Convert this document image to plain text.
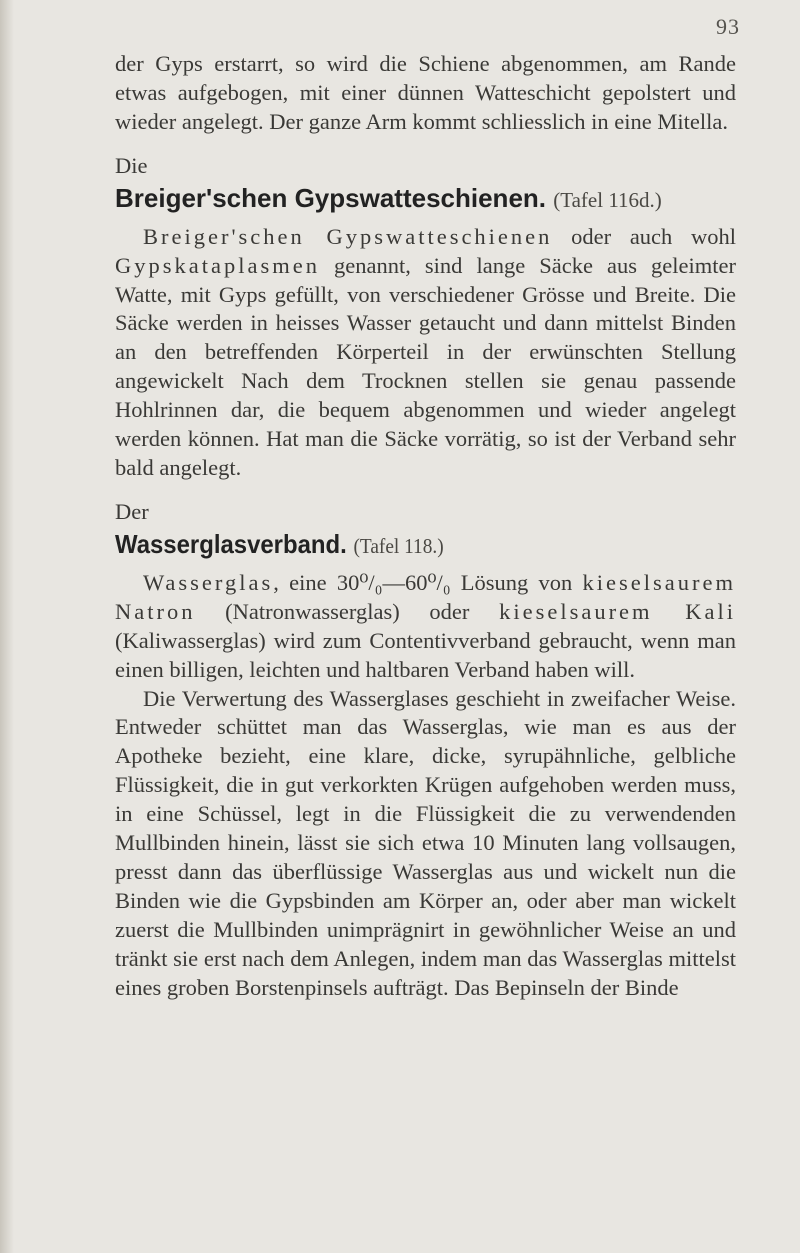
93

der Gyps erstarrt, so wird die Schiene abgenommen, am Rande etwas aufgebogen, mit einer dünnen Watteschicht gepolstert und wieder angelegt. Der ganze Arm kommt schliesslich in eine Mitella.

Die
Breiger'schen Gypswatteschienen. (Tafel 116d.)

Breiger'schen Gypswatteschienen oder auch wohl Gypskataplasmen genannt, sind lange Säcke aus geleimter Watte, mit Gyps gefüllt, von verschiedener Grösse und Breite. Die Säcke werden in heisses Wasser getaucht und dann mittelst Binden an den betreffenden Körperteil in der erwünschten Stellung angewickelt Nach dem Trocknen stellen sie genau passende Hohlrinnen dar, die bequem abgenommen und wieder angelegt werden können. Hat man die Säcke vorrätig, so ist der Verband sehr bald angelegt.

Der
Wasserglasverband. (Tafel 118.)

Wasserglas, eine 30⁰/₀—60⁰/₀ Lösung von kieselsaurem Natron (Natronwasserglas) oder kieselsaurem Kali (Kaliwasserglas) wird zum Contentivverband gebraucht, wenn man einen billigen, leichten und haltbaren Verband haben will.

Die Verwertung des Wasserglases geschieht in zweifacher Weise. Entweder schüttet man das Wasserglas, wie man es aus der Apotheke bezieht, eine klare, dicke, syrupähnliche, gelbliche Flüssigkeit, die in gut verkorkten Krügen aufgehoben werden muss, in eine Schüssel, legt in die Flüssigkeit die zu verwendenden Mullbinden hinein, lässt sie sich etwa 10 Minuten lang vollsaugen, presst dann das überflüssige Wasserglas aus und wickelt nun die Binden wie die Gypsbinden am Körper an, oder aber man wickelt zuerst die Mullbinden unimprägnirt in gewöhnlicher Weise an und tränkt sie erst nach dem Anlegen, indem man das Wasserglas mittelst eines groben Borstenpinsels aufträgt. Das Bepinseln der Binde
